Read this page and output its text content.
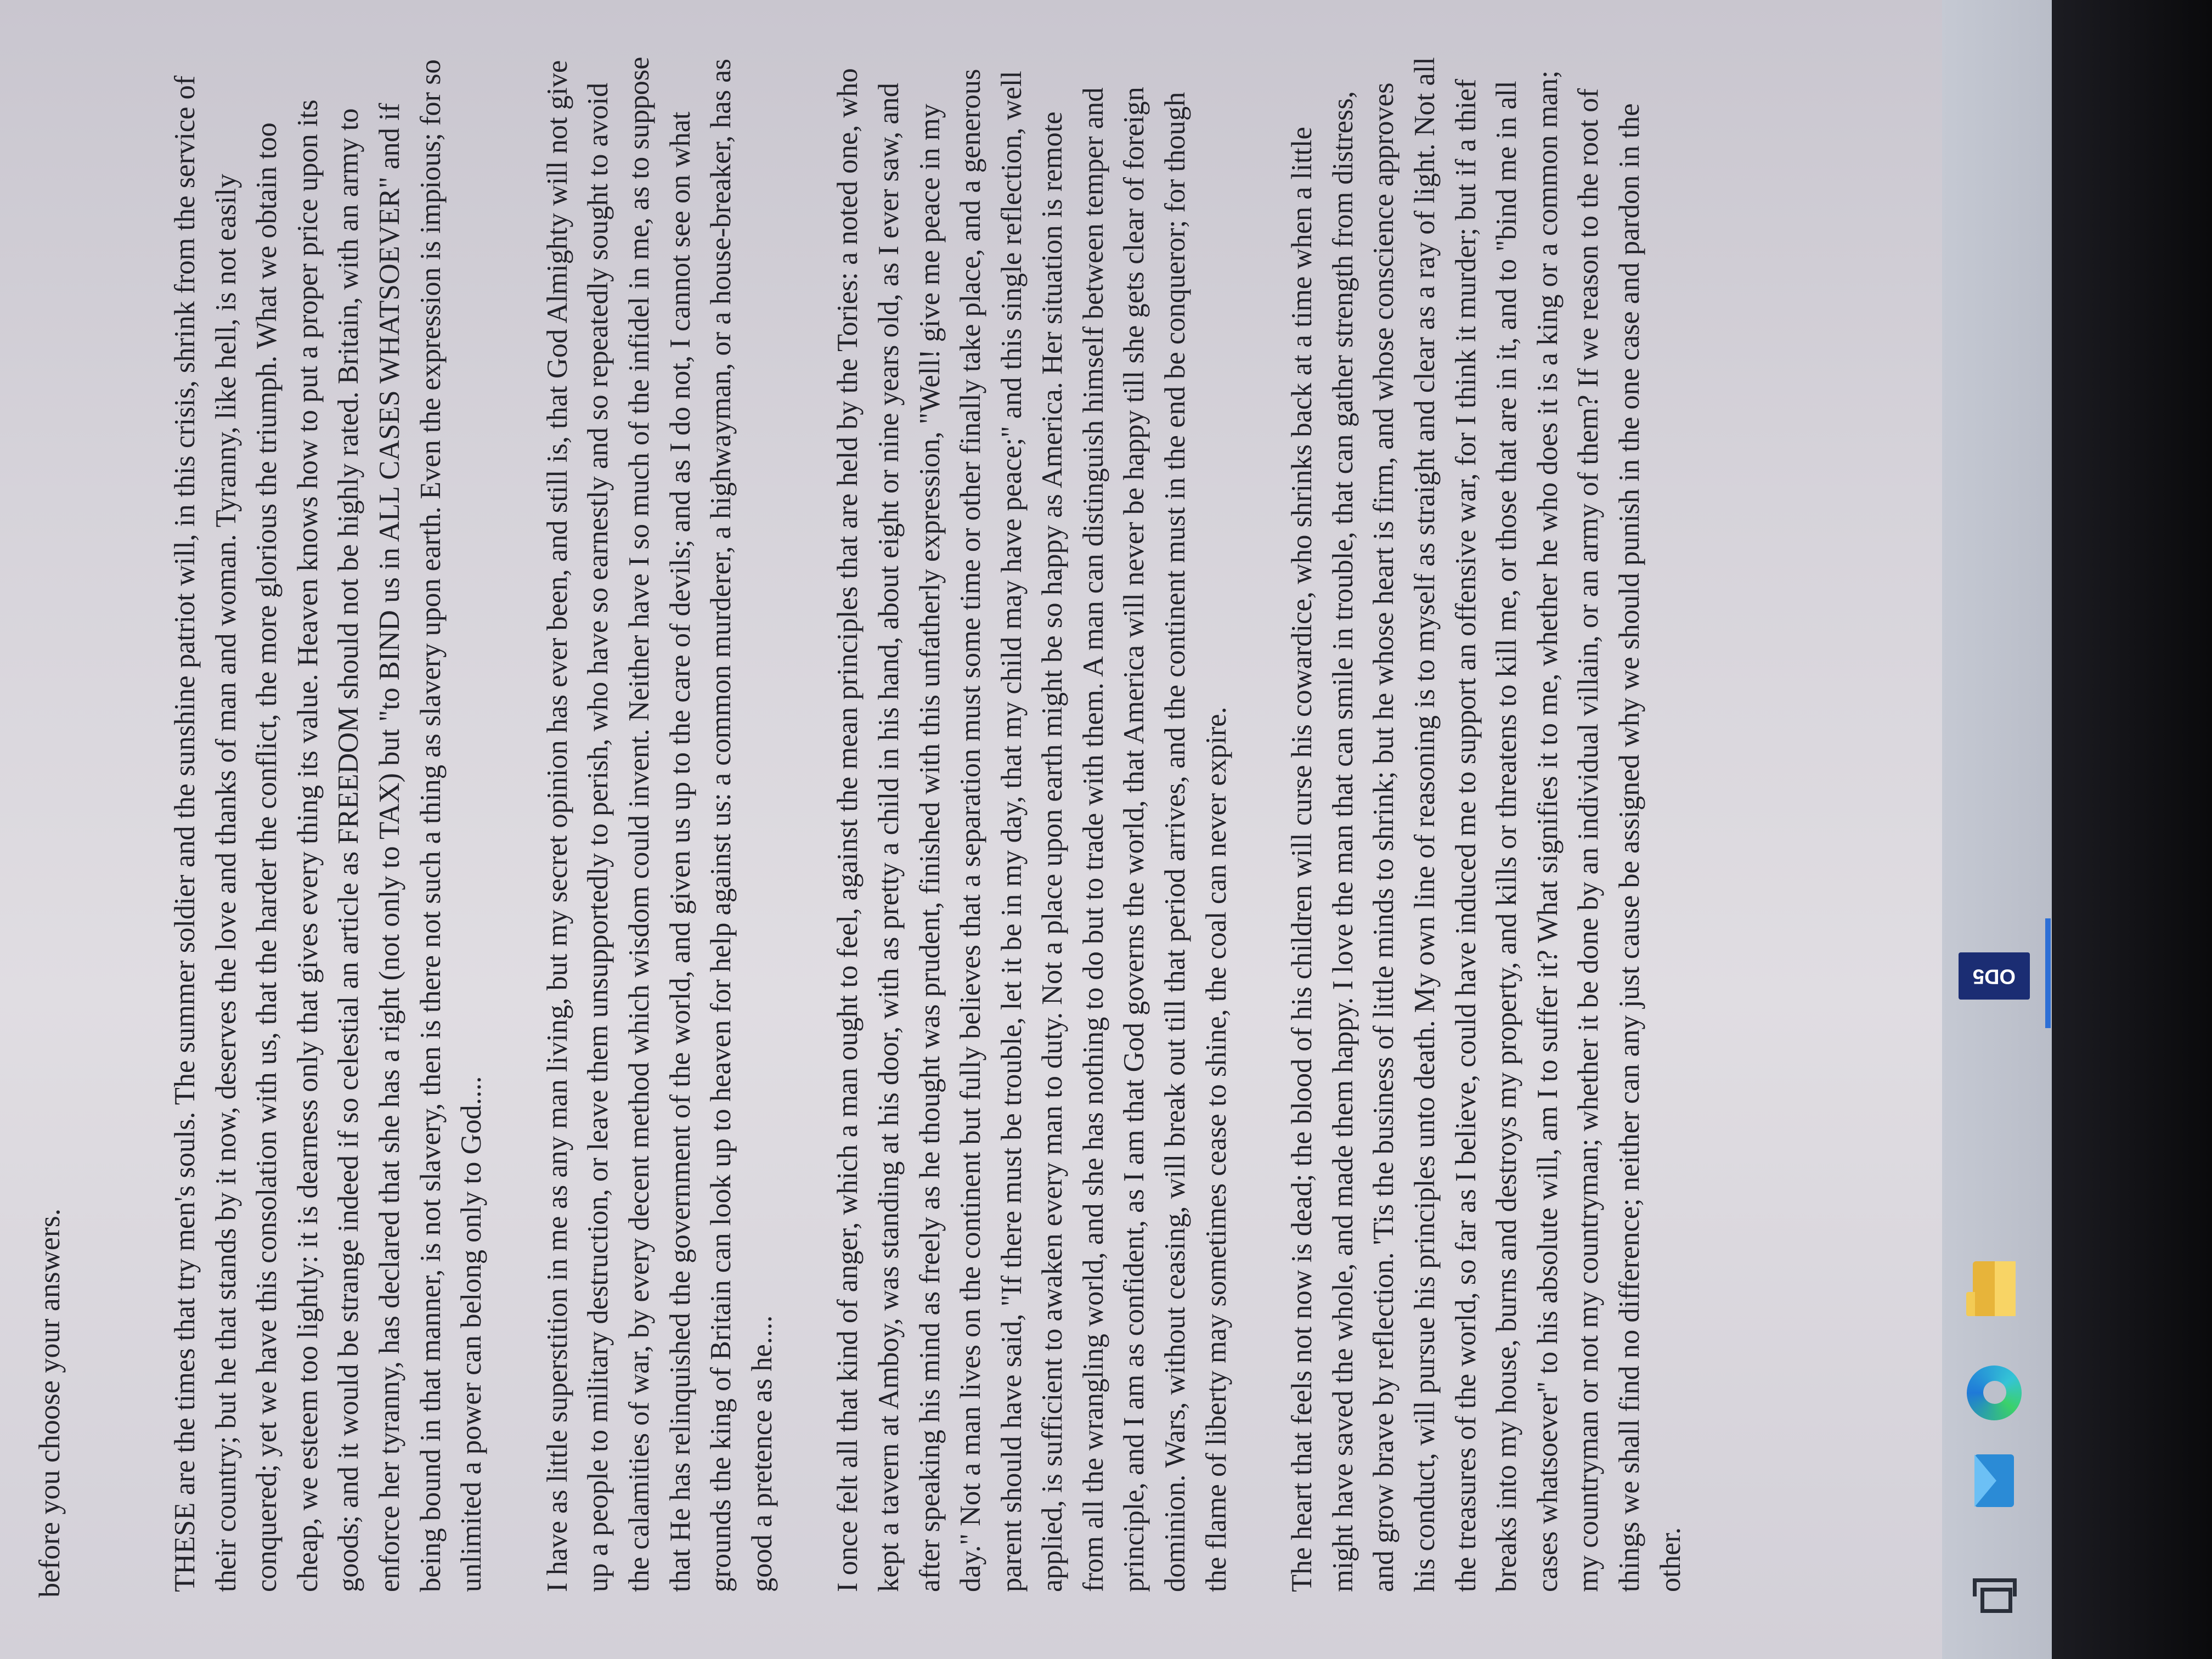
before you choose your answers.	THESE are the times that try men's souls. The summer soldier and the sunshine patriot will, in this crisis, shrink from the service of their country; but he that stands by it now, deserves the love and thanks of man and woman. Tyranny, like hell, is not easily conquered; yet we have this consolation with us, that the harder the conflict, the more glorious the triumph. What we obtain too cheap, we esteem too lightly: it is dearness only that gives every thing its value. Heaven knows how to put a proper price upon its goods; and it would be strange indeed if so celestial an article as FREEDOM should not be highly rated. Britain, with an army to enforce her tyranny, has declared that she has a right (not only to TAX) but "to BIND us in ALL CASES WHATSOEVER" and if being bound in that manner, is not slavery, then is there not such a thing as slavery upon earth. Even the expression is impious; for so unlimited a power can belong only to God.... I have as little superstition in me as any man living, but my secret opinion has ever been, and still is, that God Almighty will not give up a people to military destruction, or leave them unsupportedly to perish, who have so earnestly and so repeatedly sought to avoid the calamities of war, by every decent method which wisdom could invent. Neither have I so much of the infidel in me, as to suppose that He has relinquished the government of the world, and given us up to the care of devils; and as I do not, I cannot see on what grounds the king of Britain can look up to heaven for help against us: a common murderer, a highwayman, or a house-breaker, has as good a pretence as he.... I once felt all that kind of anger, which a man ought to feel, against the mean principles that are held by the Tories: a noted one, who kept a tavern at Amboy, was standing at his door, with as pretty a child in his hand, about eight or nine years old, as I ever saw, and after speaking his mind as freely as he thought was prudent, finished with this unfatherly expression, "Well! give me peace in my day." Not a man lives on the continent but fully believes that a separation must some time or other finally take place, and a generous parent should have said, "If there must be trouble, let it be in my day, that my child may have peace;" and this single reflection, well applied, is sufficient to awaken every man to duty. Not a place upon earth might be so happy as America. Her situation is remote from all the wrangling world, and she has nothing to do but to trade with them. A man can distinguish himself between temper and principle, and I am as confident, as I am that God governs the world, that America will never be happy till she gets clear of foreign dominion. Wars, without ceasing, will break out till that period arrives, and the continent must in the end be conqueror; for though the flame of liberty may sometimes cease to shine, the coal can never expire. The heart that feels not now is dead; the blood of his children will curse his cowardice, who shrinks back at a time when a little might have saved the whole, and made them happy. I love the man that can smile in trouble, that can gather strength from distress, and grow brave by reflection. 'Tis the business of little minds to shrink; but he whose heart is firm, and whose conscience approves his conduct, will pursue his principles unto death. My own line of reasoning is to myself as straight and clear as a ray of light. Not all the treasures of the world, so far as I believe, could have induced me to support an offensive war, for I think it murder; but if a thief breaks into my house, burns and destroys my property, and kills or threatens to kill me, or those that are in it, and to "bind me in all cases whatsoever" to his absolute will, am I to suffer it? What signifies it to me, whether he who does it is a king or a common man; my countryman or not my countryman; whether it be done by an individual villain, or an army of them? If we reason to the root of things we shall find no difference; neither can any just cause be assigned why we should punish in the one case and pardon in the other.

OD5
